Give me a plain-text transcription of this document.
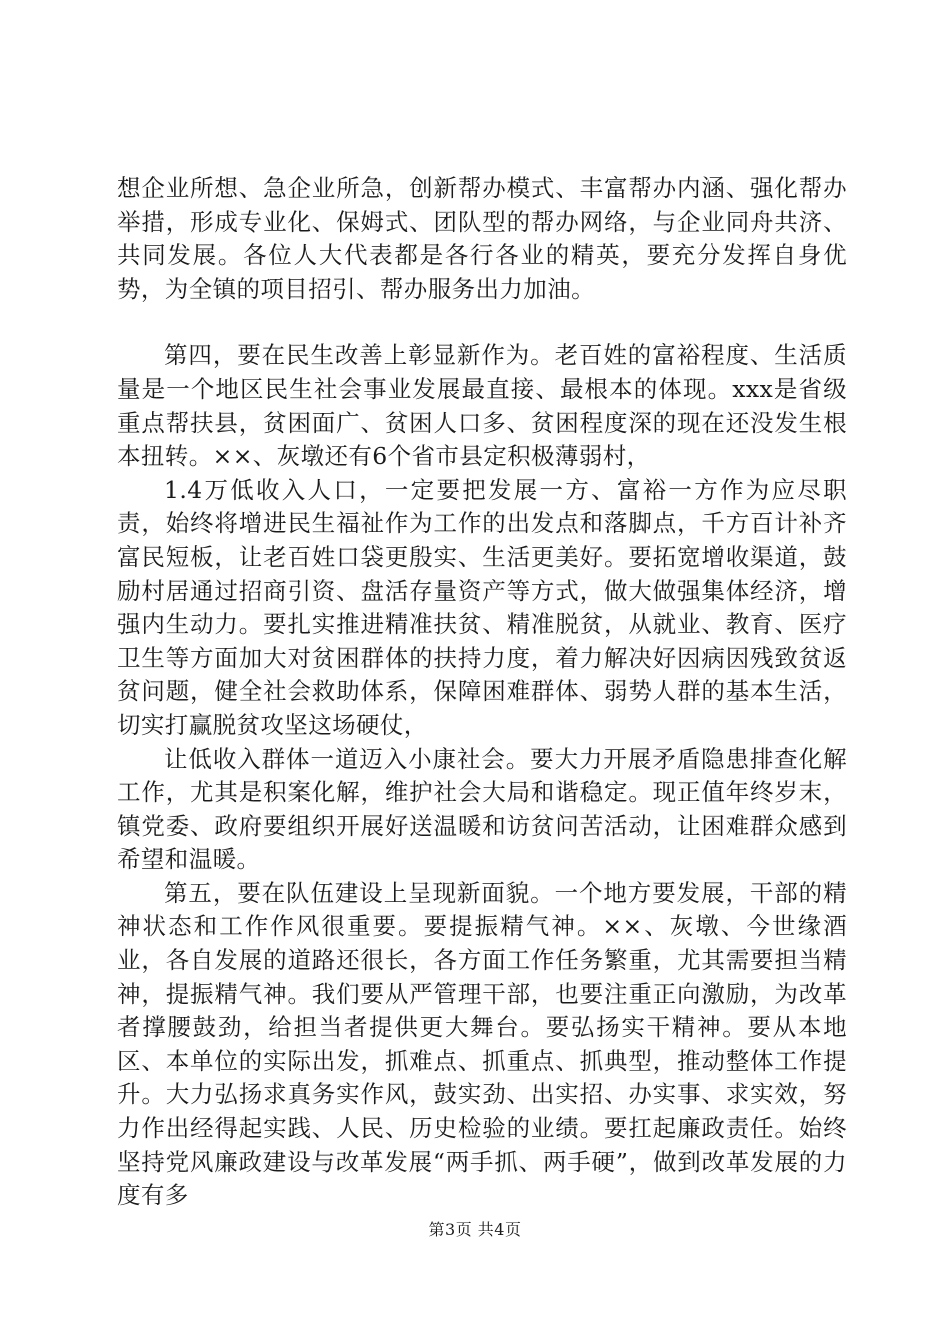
想企业所想、急企业所急，创新帮办模式、丰富帮办内涵、强化帮办举措，形成专业化、保姆式、团队型的帮办网络，与企业同舟共济、共同发展。各位人大代表都是各行各业的精英，要充分发挥自身优势，为全镇的项目招引、帮办服务出力加油。

第四，要在民生改善上彰显新作为。老百姓的富裕程度、生活质量是一个地区民生社会事业发展最直接、最根本的体现。xxx是省级重点帮扶县，贫困面广、贫困人口多、贫困程度深的现在还没发生根本扭转。××、灰墩还有6个省市县定积极薄弱村，

1.4万低收入人口，一定要把发展一方、富裕一方作为应尽职责，始终将增进民生福祉作为工作的出发点和落脚点，千方百计补齐富民短板，让老百姓口袋更殷实、生活更美好。要拓宽增收渠道，鼓励村居通过招商引资、盘活存量资产等方式，做大做强集体经济，增强内生动力。要扎实推进精准扶贫、精准脱贫，从就业、教育、医疗卫生等方面加大对贫困群体的扶持力度，着力解决好因病因残致贫返贫问题，健全社会救助体系，保障困难群体、弱势人群的基本生活，切实打赢脱贫攻坚这场硬仗，

让低收入群体一道迈入小康社会。要大力开展矛盾隐患排查化解工作，尤其是积案化解，维护社会大局和谐稳定。现正值年终岁末，镇党委、政府要组织开展好送温暖和访贫问苦活动，让困难群众感到希望和温暖。

第五，要在队伍建设上呈现新面貌。一个地方要发展，干部的精神状态和工作作风很重要。要提振精气神。××、灰墩、今世缘酒业，各自发展的道路还很长，各方面工作任务繁重，尤其需要担当精神，提振精气神。我们要从严管理干部，也要注重正向激励，为改革者撑腰鼓劲，给担当者提供更大舞台。要弘扬实干精神。要从本地区、本单位的实际出发，抓难点、抓重点、抓典型，推动整体工作提升。大力弘扬求真务实作风，鼓实劲、出实招、办实事、求实效，努力作出经得起实践、人民、历史检验的业绩。要扛起廉政责任。始终坚持党风廉政建设与改革发展“两手抓、两手硬”，做到改革发展的力度有多

第3页 共4页
